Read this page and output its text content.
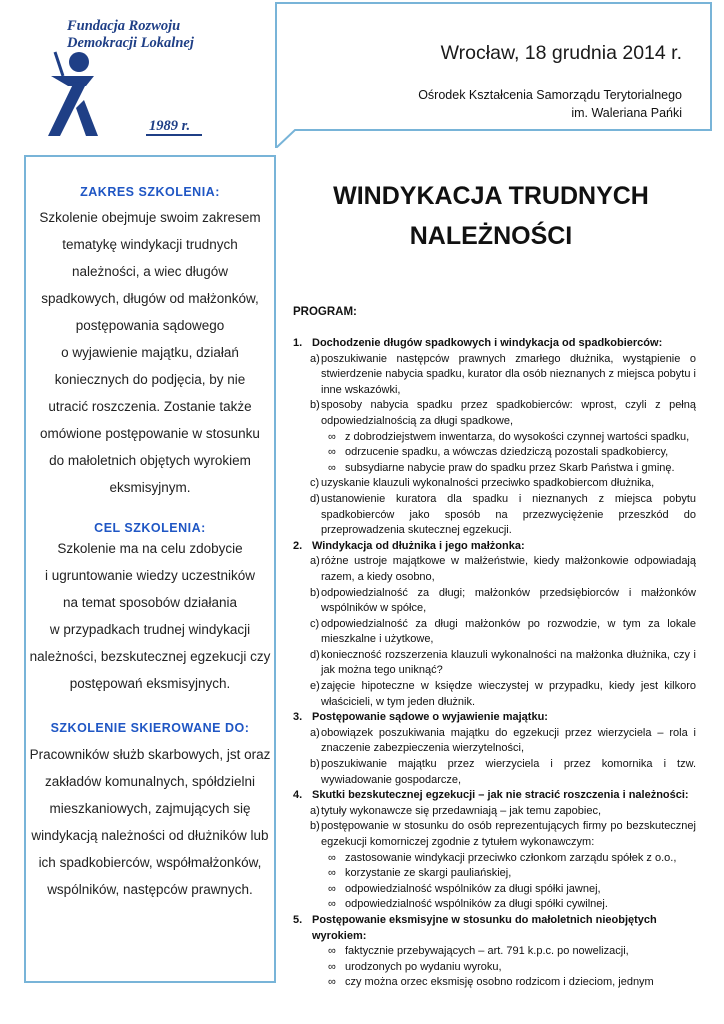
Fundacja Rozwoju
Demokracji Lokalnej
1989 r.
Wrocław, 18 grudnia 2014 r.
Ośrodek Kształcenia Samorządu Terytorialnego
im. Waleriana Pańki
ZAKRES SZKOLENIA:
Szkolenie obejmuje swoim zakresem
tematykę windykacji trudnych
należności, a wiec długów
spadkowych, długów od małżonków,
postępowania sądowego
o wyjawienie majątku, działań
koniecznych do podjęcia, by nie
utracić roszczenia. Zostanie także
omówione postępowanie w stosunku
do małoletnich objętych wyrokiem
eksmisyjnym.
CEL SZKOLENIA:
Szkolenie ma na celu zdobycie
i ugruntowanie wiedzy uczestników
na temat sposobów działania
w przypadkach trudnej windykacji
należności, bezskutecznej egzekucji czy
postępowań eksmisyjnych.
SZKOLENIE SKIEROWANE DO:
Pracowników służb skarbowych, jst oraz
zakładów komunalnych, spółdzielni
mieszkaniowych, zajmujących się
windykacją należności od dłużników lub
ich spadkobierców, współmałżonków,
wspólników, następców prawnych.
WINDYKACJA TRUDNYCH
NALEŻNOŚCI
PROGRAM:
1. Dochodzenie długów spadkowych i windykacja od spadkobierców:
a) poszukiwanie następców prawnych zmarłego dłużnika, wystąpienie o stwierdzenie nabycia spadku, kurator dla osób nieznanych z miejsca pobytu i inne wskazówki,
b) sposoby nabycia spadku przez spadkobierców: wprost, czyli z pełną odpowiedzialnością za długi spadkowe,
∞ z dobrodziejstwem inwentarza, do wysokości czynnej wartości spadku,
∞ odrzucenie spadku, a wówczas dziedziczą pozostali spadkobiercy,
∞ subsydiarne nabycie praw do spadku przez Skarb Państwa i gminę.
c) uzyskanie klauzuli wykonalności przeciwko spadkobiercom dłużnika,
d) ustanowienie kuratora dla spadku i nieznanych z miejsca pobytu spadkobierców jako sposób na przezwyciężenie przeszkód do przeprowadzenia skutecznej egzekucji.
2. Windykacja od dłużnika i jego małżonka:
a) różne ustroje majątkowe w małżeństwie, kiedy małżonkowie odpowiadają razem, a kiedy osobno,
b) odpowiedzialność za długi; małżonków przedsiębiorców i małżonków wspólników w spółce,
c) odpowiedzialność za długi małżonków po rozwodzie, w tym za lokale mieszkalne i użytkowe,
d) konieczność rozszerzenia klauzuli wykonalności na małżonka dłużnika, czy i jak można tego uniknąć?
e) zajęcie hipoteczne w księdze wieczystej w przypadku, kiedy jest kilkoro właścicieli, w tym jeden dłużnik.
3. Postępowanie sądowe o wyjawienie majątku:
a) obowiązek poszukiwania majątku do egzekucji przez wierzyciela – rola i znaczenie zabezpieczenia wierzytelności,
b) poszukiwanie majątku przez wierzyciela i przez komornika i tzw. wywiadowanie gospodarcze,
4. Skutki bezskutecznej egzekucji – jak nie stracić roszczenia i należności:
a) tytuły wykonawcze się przedawniają – jak temu zapobiec,
b) postępowanie w stosunku do osób reprezentujących firmy po bezskutecznej egzekucji komorniczej zgodnie z tytułem wykonawczym:
∞ zastosowanie windykacji przeciwko członkom zarządu spółek z o.o.,
∞ korzystanie ze skargi pauliańskiej,
∞ odpowiedzialność wspólników za długi spółki jawnej,
∞ odpowiedzialność wspólników za długi spółki cywilnej.
5. Postępowanie eksmisyjne w stosunku do małoletnich nieobjętych wyrokiem:
∞ faktycznie przebywających – art. 791 k.p.c. po nowelizacji,
∞ urodzonych po wydaniu wyroku,
∞ czy można orzec eksmisję osobno rodzicom i dzieciom, jednym
